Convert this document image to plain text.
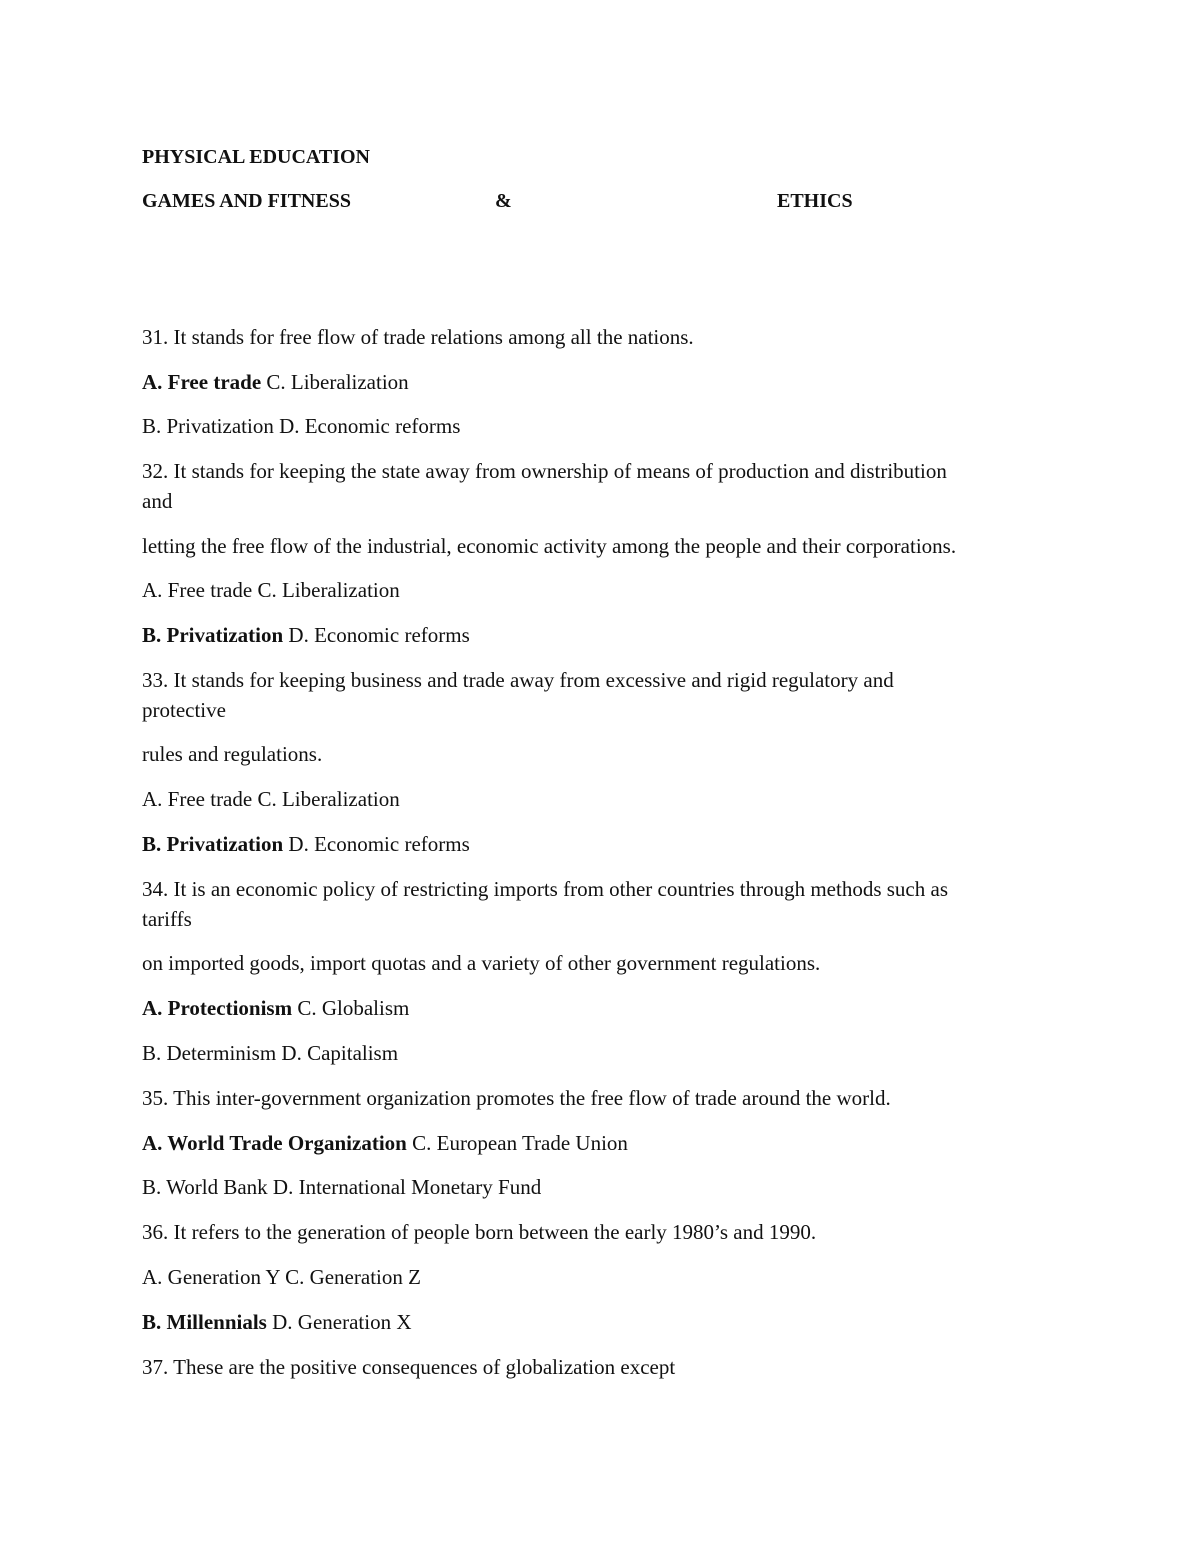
PHYSICAL EDUCATION
GAMES AND FITNESS	&	ETHICS
31. It stands for free flow of trade relations among all the nations.
A. Free trade C. Liberalization
B. Privatization D. Economic reforms
32. It stands for keeping the state away from ownership of means of production and distribution
and
letting the free flow of the industrial, economic activity among the people and their corporations.
A. Free trade C. Liberalization
B. Privatization D. Economic reforms
33. It stands for keeping business and trade away from excessive and rigid regulatory and
protective
rules and regulations.
A. Free trade C. Liberalization
B. Privatization D. Economic reforms
34. It is an economic policy of restricting imports from other countries through methods such as
tariffs
on imported goods, import quotas and a variety of other government regulations.
A. Protectionism C. Globalism
B. Determinism D. Capitalism
35. This inter-government organization promotes the free flow of trade around the world.
A. World Trade Organization C. European Trade Union
B. World Bank D. International Monetary Fund
36. It refers to the generation of people born between the early 1980’s and 1990.
A. Generation Y C. Generation Z
B. Millennials D. Generation X
37. These are the positive consequences of globalization except
